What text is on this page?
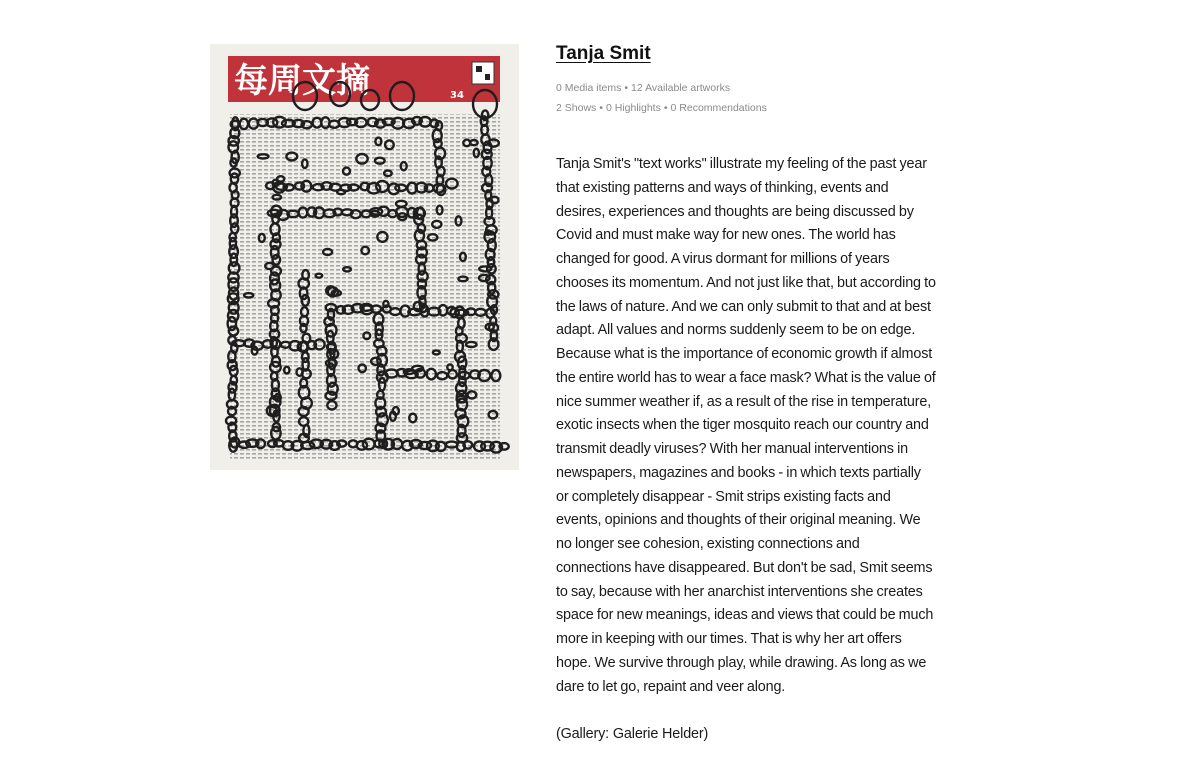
每周文摘	34
Tanja Smit
0 Media items • 12 Available artworks
2 Shows • 0 Highlights • 0 Recommendations

Tanja Smit's "text works" illustrate my feeling of the past year that existing patterns and ways of thinking, events and desires, experiences and thoughts are being discussed by Covid and must make way for new ones. The world has changed for good. A virus dormant for millions of years chooses its momentum. And not just like that, but according to the laws of nature. And we can only submit to that and at best adapt. All values and norms suddenly seem to be on edge. Because what is the importance of economic growth if almost the entire world has to wear a face mask? What is the value of nice summer weather if, as a result of the rise in temperature, exotic insects when the tiger mosquito reach our country and transmit deadly viruses? With her manual interventions in newspapers, magazines and books - in which texts partially or completely disappear - Smit strips existing facts and events, opinions and thoughts of their original meaning. We no longer see cohesion, existing connections and connections have disappeared. But don't be sad, Smit seems to say, because with her anarchist interventions she creates space for new meanings, ideas and views that could be much more in keeping with our times. That is why her art offers hope. We survive through play, while drawing. As long as we dare to let go, repaint and veer along.

(Gallery: Galerie Helder)
